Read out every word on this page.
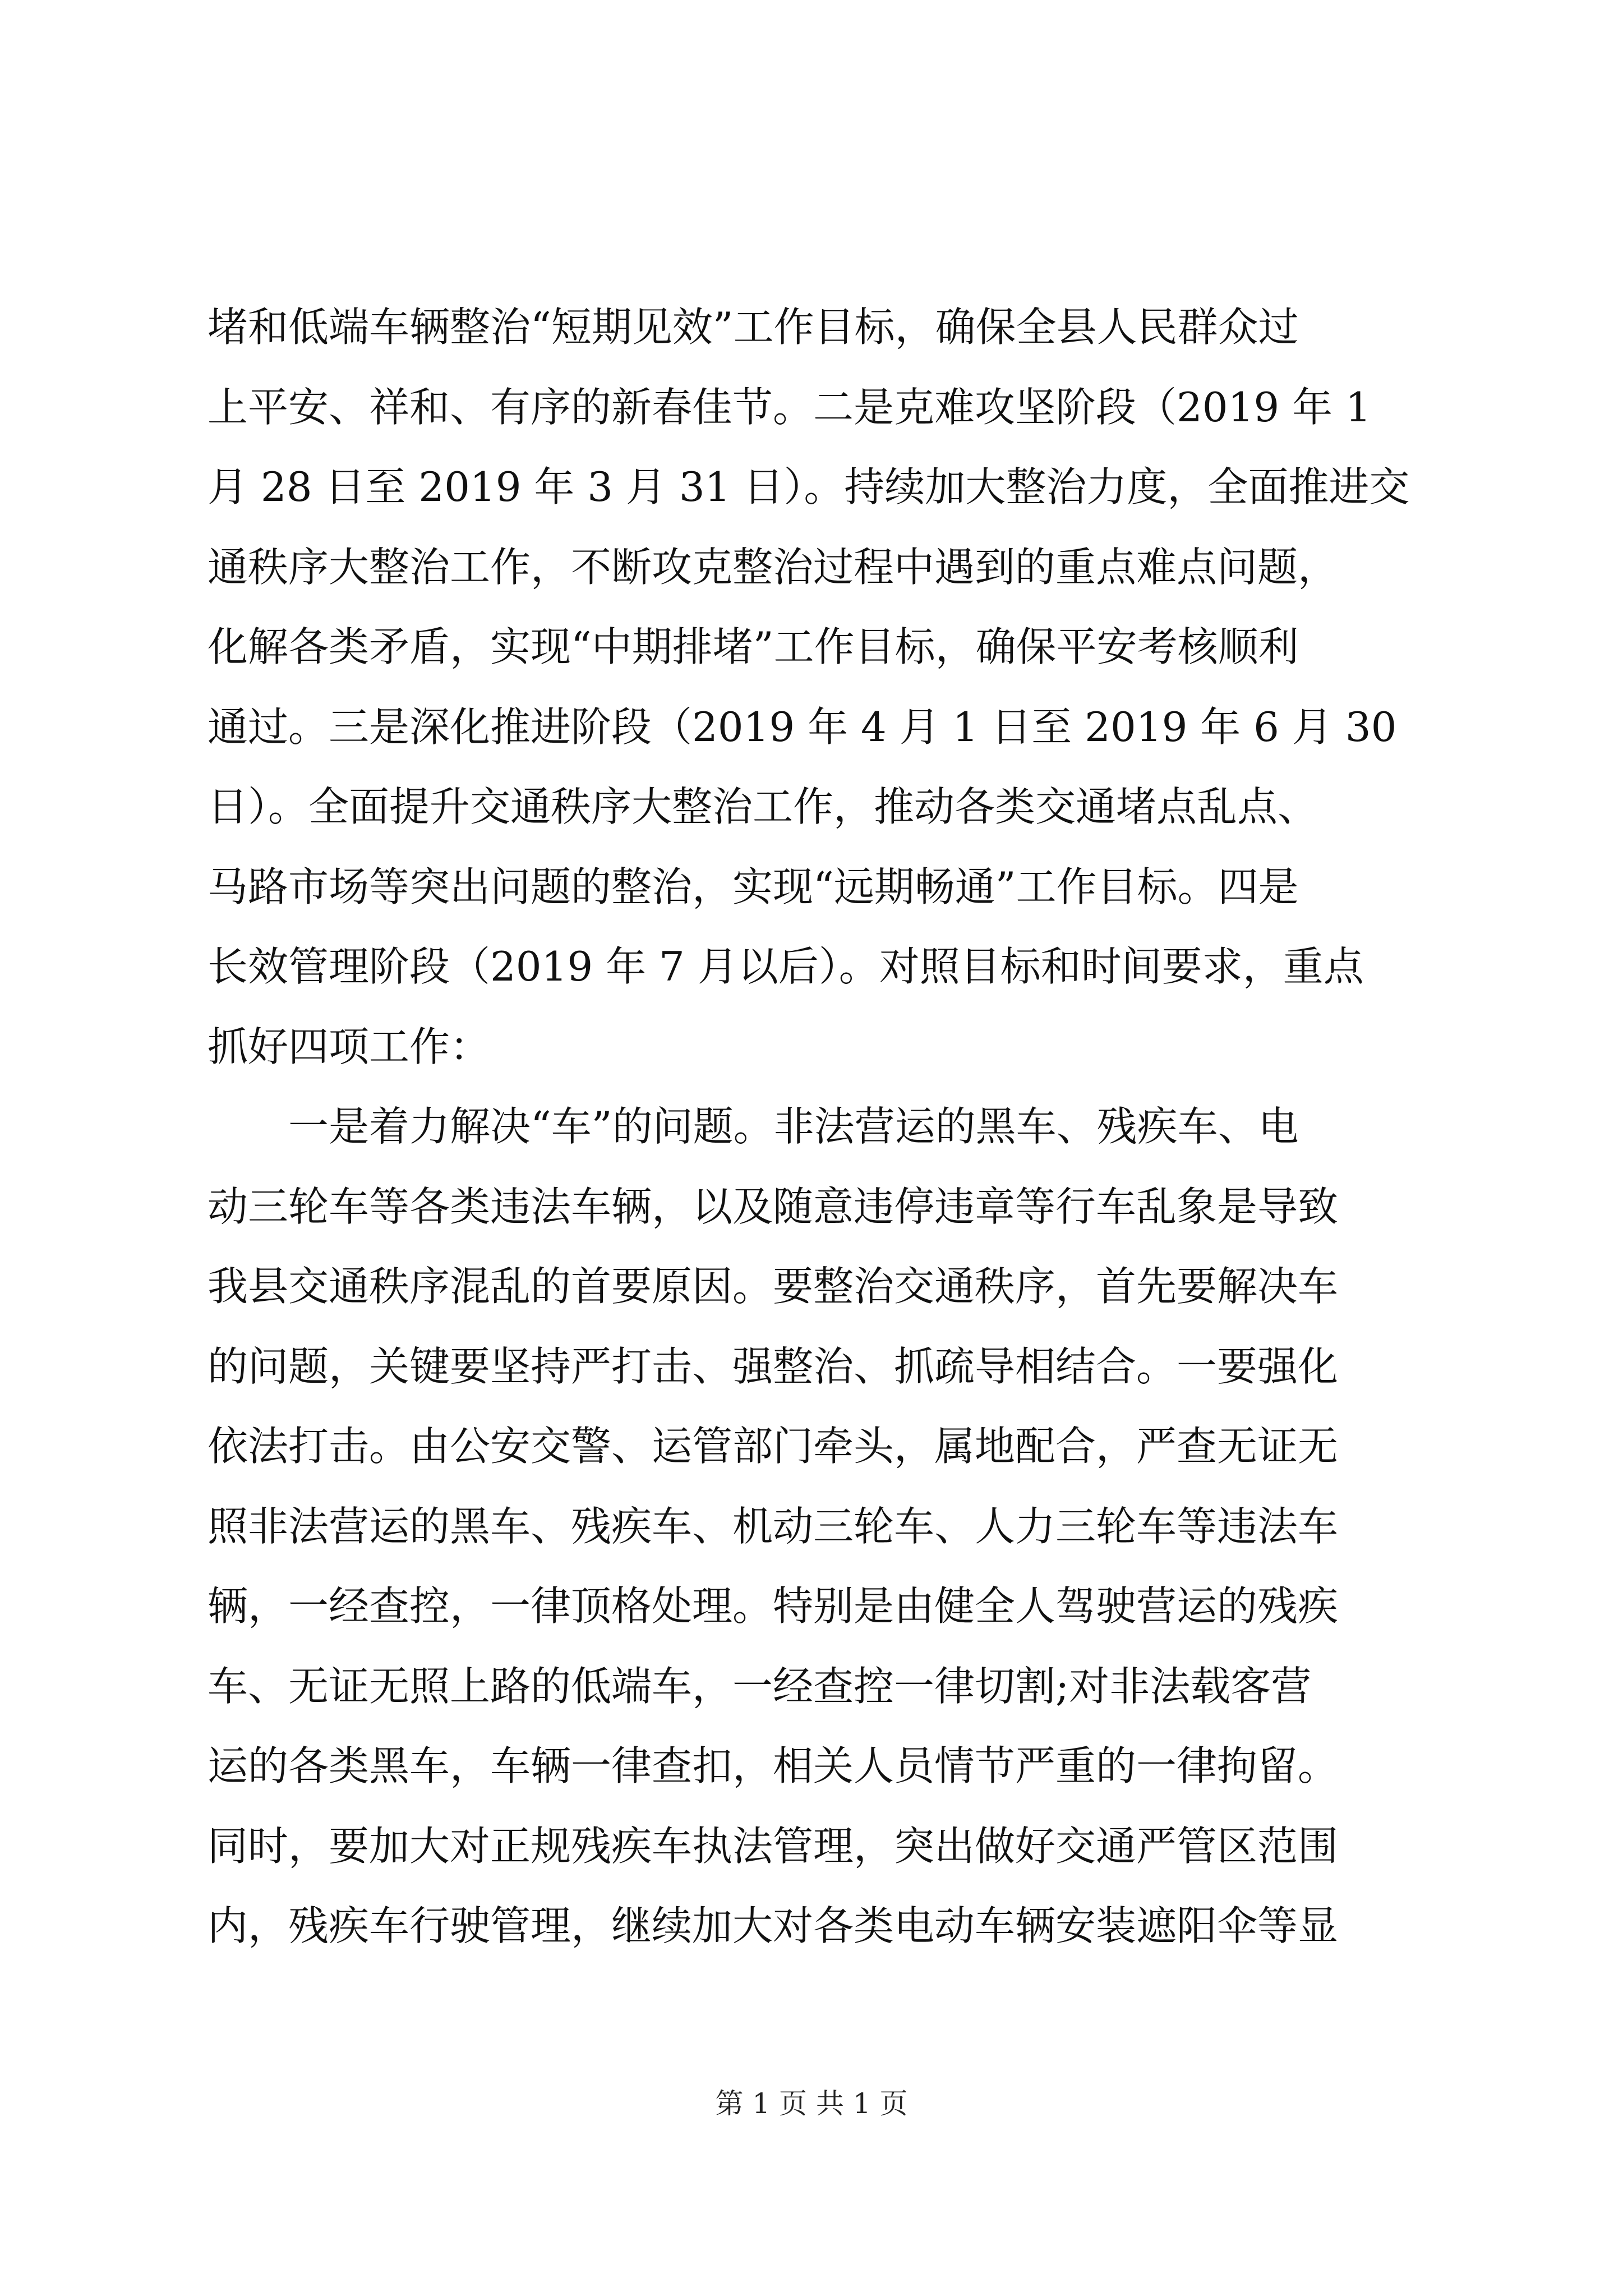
堵和低端车辆整治“短期见效”工作目标，确保全县人民群众过
上平安、祥和、有序的新春佳节。二是克难攻坚阶段（2019 年 1
月 28 日至 2019 年 3 月 31 日）。持续加大整治力度，全面推进交
通秩序大整治工作，不断攻克整治过程中遇到的重点难点问题，
化解各类矛盾，实现“中期排堵”工作目标，确保平安考核顺利
通过。三是深化推进阶段（2019 年 4 月 1 日至 2019 年 6 月 30
日）。全面提升交通秩序大整治工作，推动各类交通堵点乱点、
马路市场等突出问题的整治，实现“远期畅通”工作目标。四是
长效管理阶段（2019 年 7 月以后）。对照目标和时间要求，重点
抓好四项工作：
一是着力解决“车”的问题。非法营运的黑车、残疾车、电
动三轮车等各类违法车辆，以及随意违停违章等行车乱象是导致
我县交通秩序混乱的首要原因。要整治交通秩序，首先要解决车
的问题，关键要坚持严打击、强整治、抓疏导相结合。一要强化
依法打击。由公安交警、运管部门牵头，属地配合，严查无证无
照非法营运的黑车、残疾车、机动三轮车、人力三轮车等违法车
辆，一经查控，一律顶格处理。特别是由健全人驾驶营运的残疾
车、无证无照上路的低端车，一经查控一律切割;对非法载客营
运的各类黑车，车辆一律查扣，相关人员情节严重的一律拘留。
同时，要加大对正规残疾车执法管理，突出做好交通严管区范围
内，残疾车行驶管理，继续加大对各类电动车辆安装遮阳伞等显
第 1 页 共 1 页
